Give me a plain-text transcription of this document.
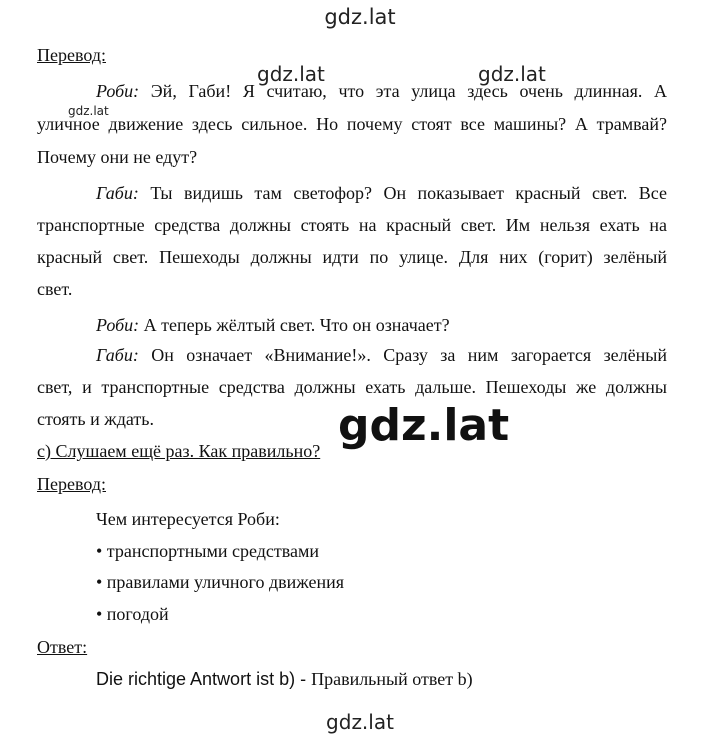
gdz.lat
Перевод:
Роби: Эй, Габи! Я считаю, что эта улица здесь очень длинная. А
уличное движение здесь сильное. Но почему стоят все машины? А трамвай?
Почему они не едут?
Габи: Ты видишь там светофор? Он показывает красный свет. Все
транспортные средства должны стоять на красный свет. Им нельзя ехать на
красный свет. Пешеходы должны идти по улице. Для них (горит) зелёный
свет.
Роби: А теперь жёлтый свет. Что он означает?
Габи: Он означает «Внимание!». Сразу за ним загорается зелёный
свет, и транспортные средства должны ехать дальше. Пешеходы же должны
стоять и ждать.
gdz.lat	gdz.lat
gdz.lat
gdz.lat
c) Слушаем ещё раз. Как правильно?
Перевод:
Чем интересуется Роби:
• транспортными средствами
• правилами уличного движения
• погодой
Ответ:
Die richtige Antwort ist b) - Правильный ответ b)
gdz.lat
